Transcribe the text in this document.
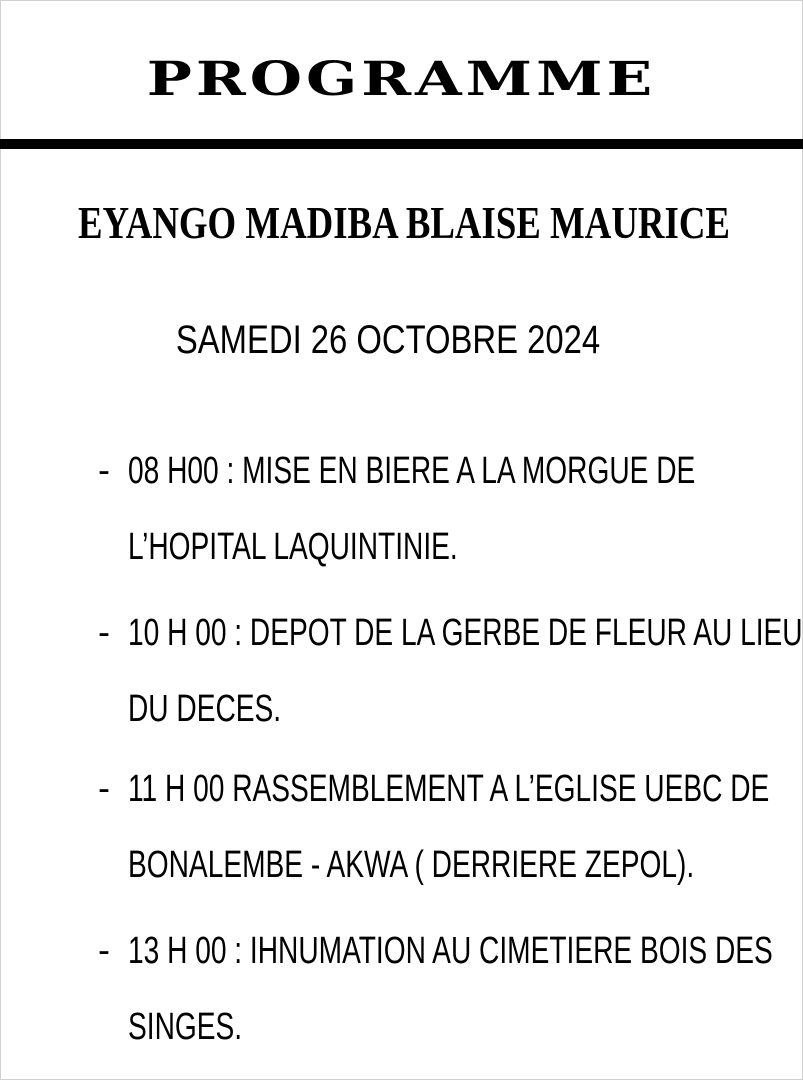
PROGRAMME
EYANGO MADIBA BLAISE MAURICE
SAMEDI 26 OCTOBRE 2024
- 08 H00 : MISE EN BIERE A LA MORGUE DE
L’HOPITAL LAQUINTINIE.
- 10 H 00 : DEPOT DE LA GERBE DE FLEUR AU LIEU
DU DECES.
- 11 H 00 RASSEMBLEMENT A L’EGLISE UEBC DE
BONALEMBE - AKWA ( DERRIERE ZEPOL).
- 13 H 00 : IHNUMATION AU CIMETIERE BOIS DES
SINGES.
